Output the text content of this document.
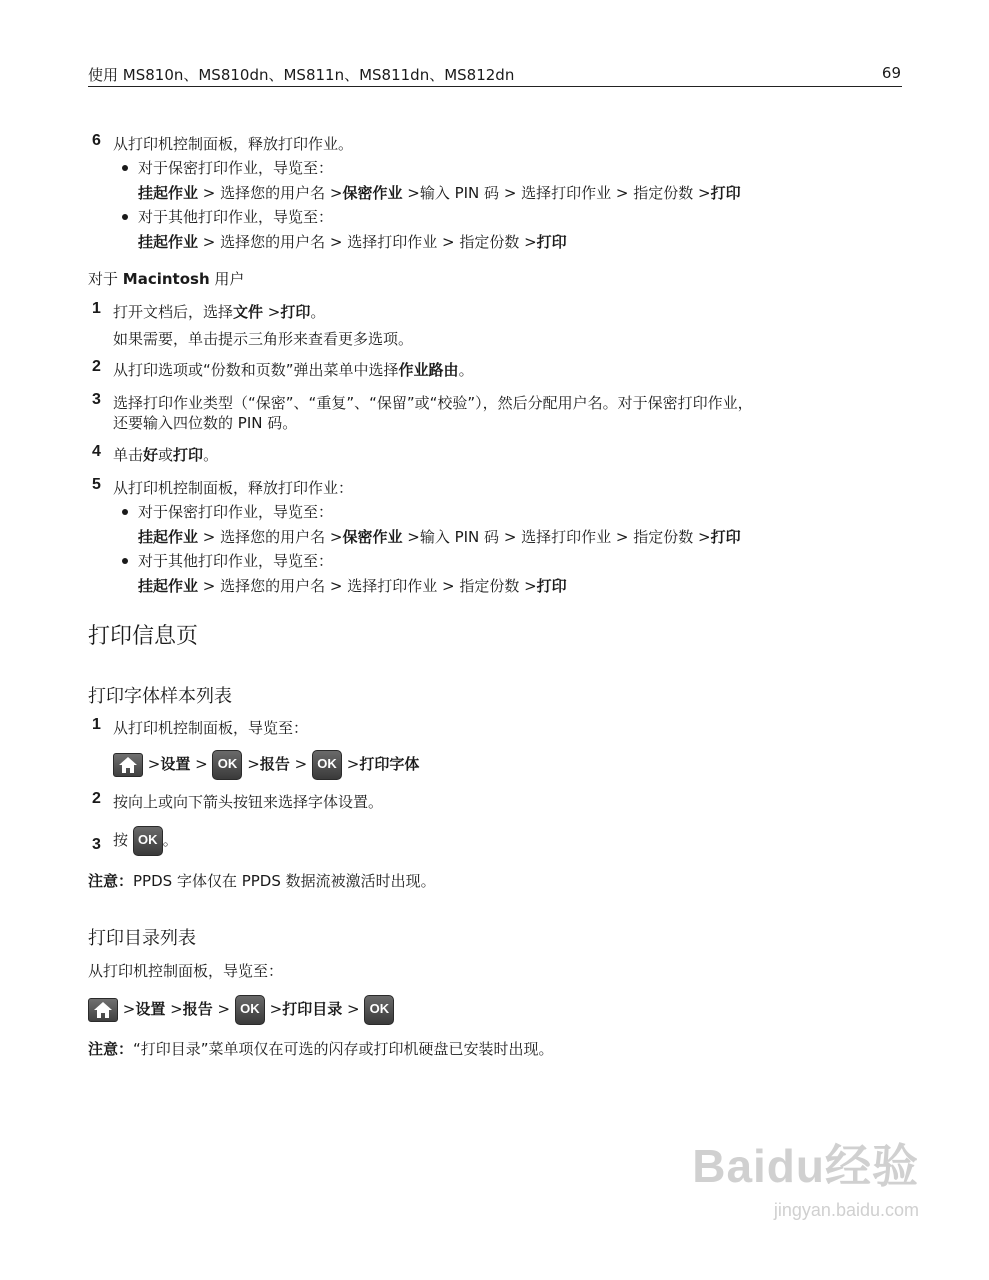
使用 MS810n、MS810dn、MS811n、MS811dn、MS812dn	69
6 从打印机控制面板，释放打印作业。
对于保密打印作业，导览至：
挂起作业 > 选择您的用户名 >保密作业 >输入 PIN 码 > 选择打印作业 > 指定份数 >打印
对于其他打印作业，导览至：
挂起作业 > 选择您的用户名 > 选择打印作业 > 指定份数 >打印
对于 Macintosh 用户
1 打开文档后，选择文件 >打印。
如果需要，单击提示三角形来查看更多选项。
2 从打印选项或“份数和页数”弹出菜单中选择作业路由。
3 选择打印作业类型（“保密”、“重复”、“保留”或“校验”），然后分配用户名。对于保密打印作业，
还要输入四位数的 PIN 码。
4 单击好或打印。
5 从打印机控制面板，释放打印作业：
对于保密打印作业，导览至：
挂起作业 > 选择您的用户名 >保密作业 >输入 PIN 码 > 选择打印作业 > 指定份数 >打印
对于其他打印作业，导览至：
挂起作业 > 选择您的用户名 > 选择打印作业 > 指定份数 >打印
打印信息页
打印字体样本列表
1 从打印机控制面板，导览至：
>设置 > OK >报告 > OK >打印字体
2 按向上或向下箭头按钮来选择字体设置。
3 按 OK 。
注意：PPDS 字体仅在 PPDS 数据流被激活时出现。
打印目录列表
从打印机控制面板，导览至：
>设置 >报告 > OK >打印目录 > OK
注意：“打印目录”菜单项仅在可选的闪存或打印机硬盘已安装时出现。
Baidu经验
jingyan.baidu.com
